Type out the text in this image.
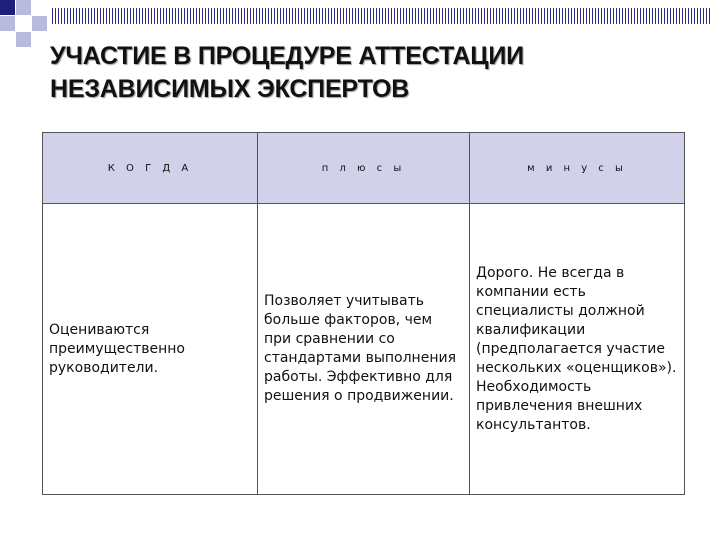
УЧАСТИЕ В ПРОЦЕДУРЕ АТТЕСТАЦИИ
НЕЗАВИСИМЫХ ЭКСПЕРТОВ
К О Г Д А	п л ю с ы	м и н у с ы

Оцениваются преимущественно руководители.	Позволяет учитывать больше факторов, чем при сравнении со стандартами выполнения работы. Эффективно для решения о продвижении.	Дорого. Не всегда в компании есть специалисты должной квалификации (предполагается участие нескольких «оценщиков»). Необходимость привлечения внешних консультантов.
